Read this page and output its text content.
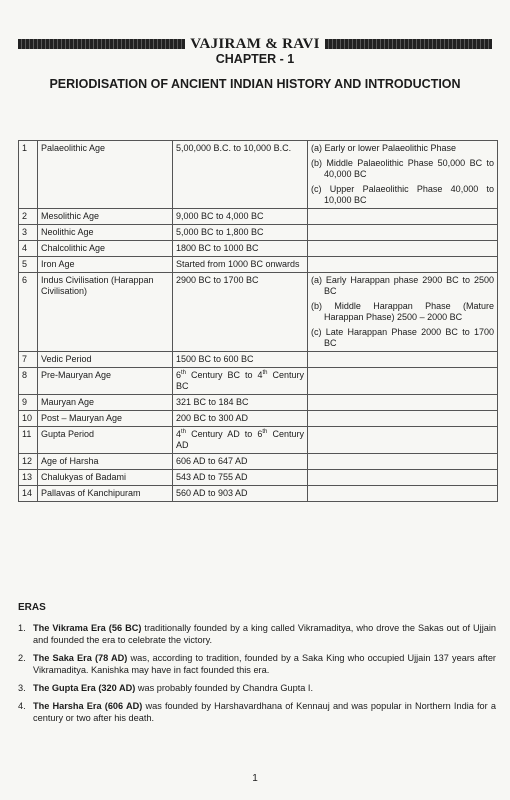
VAJIRAM & RAVI
CHAPTER - 1
PERIODISATION OF ANCIENT INDIAN HISTORY AND INTRODUCTION
1	Palaeolithic Age	5,00,000 B.C. to 10,000 B.C.	(a) Early or lower Palaeolithic Phase
(b) Middle Palaeolithic Phase 50,000 BC to 40,000 BC
(c) Upper Palaeolithic Phase 40,000 to 10,000 BC

2	Mesolithic Age	9,000 BC to 4,000 BC	
3	Neolithic Age	5,000 BC to 1,800 BC	
4	Chalcolithic Age	1800 BC to 1000 BC	
5	Iron Age	Started from 1000 BC onwards	
6	Indus Civilisation (Harappan Civilisation)	2900 BC to 1700 BC	(a) Early Harappan phase 2900 BC to 2500 BC
(b) Middle Harappan Phase (Mature Harappan Phase) 2500 – 2000 BC
(c) Late Harappan Phase 2000 BC to 1700 BC

7	Vedic Period	1500 BC to 600 BC	
8	Pre-Mauryan Age	6th Century BC to 4th Century BC	
9	Mauryan Age	321 BC to 184 BC	
10	Post – Mauryan Age	200 BC to 300 AD	
11	Gupta Period	4th Century AD to 6th Century AD	
12	Age of Harsha	606 AD to 647 AD	
13	Chalukyas of Badami	543 AD to 755 AD	
14	Pallavas of Kanchipuram	560 AD to 903 AD	
ERAS
1. The Vikrama Era (56 BC) traditionally founded by a king called Vikramaditya, who drove the Sakas out of Ujjain and founded the era to celebrate the victory.
2. The Saka Era (78 AD) was, according to tradition, founded by a Saka King who occupied Ujjain 137 years after Vikramaditya. Kanishka may have in fact founded this era.
3. The Gupta Era (320 AD) was probably founded by Chandra Gupta I.
4. The Harsha Era (606 AD) was founded by Harshavardhana of Kennauj and was popular in Northern India for a century or two after his death.
1
